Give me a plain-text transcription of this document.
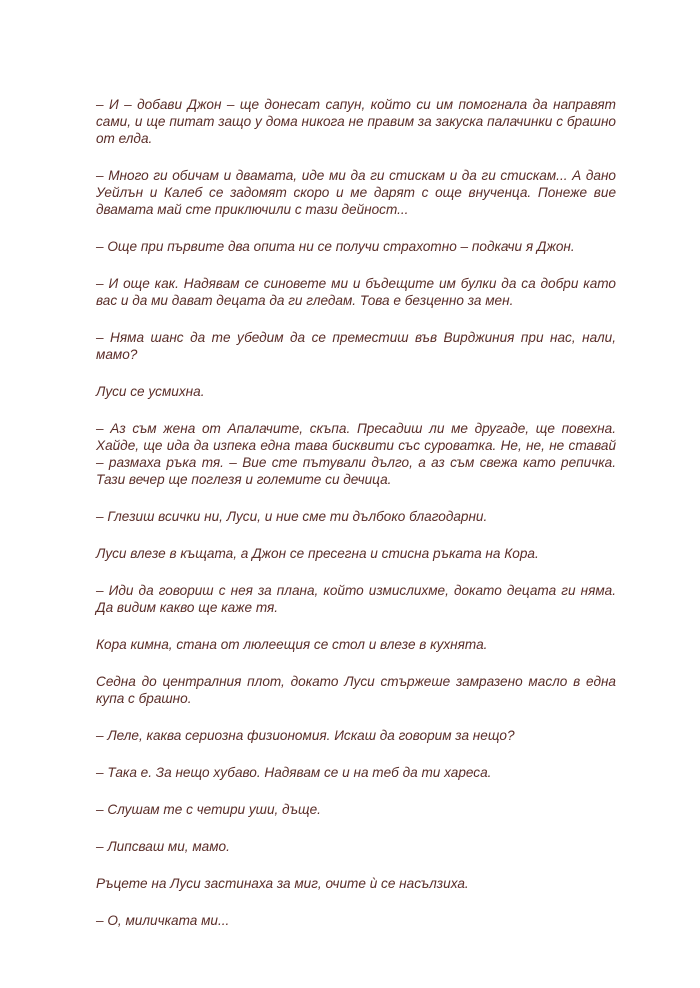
– И – добави Джон – ще донесат сапун, който си им помогнала да направят сами, и ще питат защо у дома никога не правим за закуска палачинки с брашно от елда.

– Много ги обичам и двамата, иде ми да ги стискам и да ги стискам... А дано Уейлън и Калеб се задомят скоро и ме дарят с още внученца. Понеже вие двамата май сте приключили с тази дейност...

– Още при първите два опита ни се получи страхотно – подкачи я Джон.

– И още как. Надявам се синовете ми и бъдещите им булки да са добри като вас и да ми дават децата да ги гледам. Това е безценно за мен.

– Няма шанс да те убедим да се преместиш във Вирджиния при нас, нали, мамо?

Луси се усмихна.

– Аз съм жена от Апалачите, скъпа. Пресадиш ли ме другаде, ще повехна. Хайде, ще ида да изпека една тава бисквити със суроватка. Не, не, не ставай – размаха ръка тя. – Вие сте пътували дълго, а аз съм свежа като репичка. Тази вечер ще поглезя и големите си дечица.

– Глезиш всички ни, Луси, и ние сме ти дълбоко благодарни.

Луси влезе в къщата, а Джон се пресегна и стисна ръката на Кора.

– Иди да говориш с нея за плана, който измислихме, докато децата ги няма. Да видим какво ще каже тя.

Кора кимна, стана от люлеещия се стол и влезе в кухнята.

Седна до централния плот, докато Луси стържеше замразено масло в една купа с брашно.

– Леле, каква сериозна физиономия. Искаш да говорим за нещо?

– Така е. За нещо хубаво. Надявам се и на теб да ти хареса.

– Слушам те с четири уши, дъще.

– Липсваш ми, мамо.

Ръцете на Луси застинаха за миг, очите ѝ се насълзиха.

– О, миличката ми...
